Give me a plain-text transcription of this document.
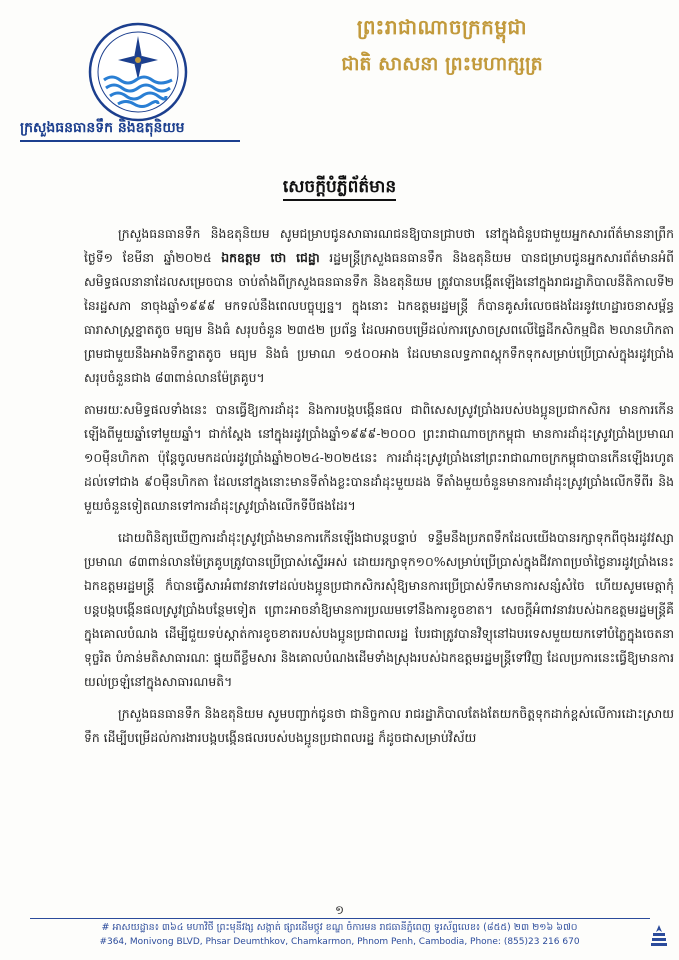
ព្រះរាជាណាចក្រកម្ពុជា
ជាតិ សាសនា ព្រះមហាក្សត្រ
ក្រសួងធនធានទឹក និងឧតុនិយម
សេចក្តីបំភ្លឺព័ត៌មាន

ក្រសួងធនធានទឹក និងឧតុនិយម សូមជម្រាបជូនសាធារណជនឱ្យបានជ្រាបថា នៅក្នុងជំនួបជាមួយអ្នកសារព័ត៌មាននាព្រឹកថ្ងៃទី១ ខែមីនា ឆ្នាំ២០២៥ ឯកឧត្តម ថោ ជេដ្ឋា រដ្ឋមន្ត្រីក្រសួងធនធានទឹក និងឧតុនិយម បានជម្រាបជូនអ្នកសារព័ត៌មានអំពីសមិទ្ធផលនានាដែលសម្រេចបាន ចាប់តាំងពីក្រសួងធនធានទឹក និងឧតុនិយម ត្រូវបានបង្កើតឡើងនៅក្នុងរាជរដ្ឋាភិបាលនីតិកាលទី២ នៃរដ្ឋសភា នាចុងឆ្នាំ១៩៩៩ មកទល់នឹងពេលបច្ចុប្បន្ន។ ក្នុងនោះ ឯកឧត្តមរដ្ឋមន្ត្រី ក៏បានគូសរំលេចផងដែរនូវហេដ្ឋារចនាសម្ព័ន្ធធារាសាស្ត្រខ្នាតតូច មធ្យម និងធំ សរុបចំនួន ២៣៥២ ប្រព័ន្ធ ដែលអាចបម្រើដល់ការស្រោចស្រពលើផ្ទៃដីកសិកម្មជិត ២លានហិកតា ព្រមជាមួយនឹងអាងទឹកខ្នាតតូច មធ្យម និងធំ ប្រមាណ ១៥០០អាង ដែលមានលទ្ធភាពស្តុកទឹកទុកសម្រាប់ប្រើប្រាស់ក្នុងរដូវប្រាំងសរុបចំនួនជាង ៨៣ពាន់លានម៉ែត្រគូប។

តាមរយៈសមិទ្ធផលទាំងនេះ បានធ្វើឱ្យការដាំដុះ និងការបង្កបង្កើនផល ជាពិសេសស្រូវប្រាំងរបស់បងប្អូនប្រជាកសិករ មានការកើនឡើងពីមួយឆ្នាំទៅមួយឆ្នាំ។ ជាក់ស្តែង នៅក្នុងរដូវប្រាំងឆ្នាំ១៩៩៩-២០០០ ព្រះរាជាណាចក្រកម្ពុជា មានការដាំដុះស្រូវប្រាំងប្រមាណ ១០ម៉ឺនហិកតា ប៉ុន្តែចូលមកដល់រដូវប្រាំងឆ្នាំ២០២៤-២០២៥នេះ ការដាំដុះស្រូវប្រាំងនៅព្រះរាជាណាចក្រកម្ពុជាបានកើនឡើងរហូតដល់ទៅជាង ៩០ម៉ឺនហិកតា ដែលនៅក្នុងនោះមានទីតាំងខ្លះបានដាំដុះមួយដង ទីតាំងមួយចំនួនមានការដាំដុះស្រូវប្រាំងលើកទីពីរ និងមួយចំនួនទៀតឈានទៅការដាំដុះស្រូវប្រាំងលើកទីបីផងដែរ។

ដោយពិនិត្យឃើញការដាំដុះស្រូវប្រាំងមានការកើនឡើងជាបន្តបន្ទាប់ ទន្ទឹមនឹងប្រភពទឹកដែលយើងបានរក្សាទុកពីចុងរដូវវស្សាប្រមាណ ៨៣ពាន់លានម៉ែត្រគូបត្រូវបានប្រើប្រាស់ស្ទើរអស់ ដោយរក្សាទុក១០%សម្រាប់ប្រើប្រាស់ក្នុងជីវភាពប្រចាំថ្ងៃនារដូវប្រាំងនេះ ឯកឧត្តមរដ្ឋមន្ត្រី ក៏បានធ្វើសារអំពាវនាវទៅដល់បងប្អូនប្រជាកសិករសុំឱ្យមានការប្រើប្រាស់ទឹកមានការសន្សំសំចៃ ហើយសូមមេត្តាកុំបន្តបង្កបង្កើនផលស្រូវប្រាំងបន្ថែមទៀត ព្រោះអាចនាំឱ្យមានការប្រឈមទៅនឹងការខូចខាត។ សេចក្តីអំពាវនាវរបស់ឯកឧត្តមរដ្ឋមន្ត្រីគឺក្នុងគោលបំណង ដើម្បីជួយទប់ស្កាត់ការខូចខាតរបស់បងប្អូនប្រជាពលរដ្ឋ បែរជាត្រូវបានវិទ្យុនៅឯបរទេសមួយយកទៅបំភ្លៃក្នុងចេតនាទុច្ចរិត បំភាន់មតិសាធារណៈ ផ្ទុយពីខ្លឹមសារ និងគោលបំណងដើមទាំងស្រុងរបស់ឯកឧត្តមរដ្ឋមន្ត្រីទៅវិញ ដែលប្រការនេះធ្វើឱ្យមានការយល់ច្រឡំនៅក្នុងសាធារណមតិ។

ក្រសួងធនធានទឹក និងឧតុនិយម សូមបញ្ជាក់ជូនថា ជានិច្ចកាល រាជរដ្ឋាភិបាលតែងតែយកចិត្តទុកដាក់ខ្ពស់លើការដោះស្រាយទឹក ដើម្បីបម្រើដល់ការងារបង្កបង្កើនផលរបស់បងប្អូនប្រជាពលរដ្ឋ ក៏ដូចជាសម្រាប់វិស័យ

១
# អាសយដ្ឋាន៖ ៣៦៤ មហាវិថី ព្រះមុនីវង្ស សង្កាត់ ផ្សារដើមថ្កូវ ខណ្ឌ ចំការមន រាជធានីភ្នំពេញ ទូរស័ព្ទលេខ៖ (៨៥៥) ២៣ ២១៦ ៦៧០
#364, Monivong BLVD, Phsar Deumthkov, Chamkarmon, Phnom Penh, Cambodia, Phone: (855)23 216 670
